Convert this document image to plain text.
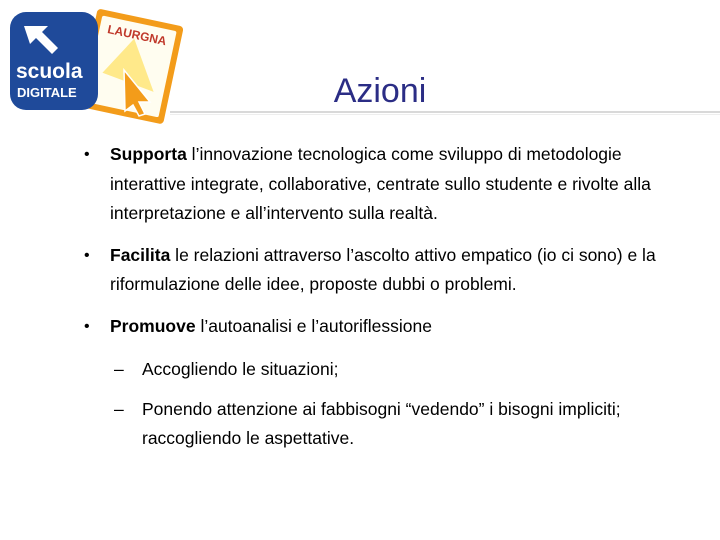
LAURGNA
scuola
DIGITALE	Azioni
• Supporta l’innovazione tecnologica come sviluppo di metodologie interattive integrate, collaborative, centrate sullo studente e rivolte alla interpretazione e all’intervento sulla realtà.
• Facilita le relazioni attraverso l’ascolto attivo empatico (io ci sono) e la riformulazione delle idee, proposte dubbi o problemi.
• Promuove l’autoanalisi e l’autoriflessione
– Accogliendo le situazioni;
– Ponendo attenzione ai fabbisogni “vedendo” i bisogni impliciti; raccogliendo le aspettative.
